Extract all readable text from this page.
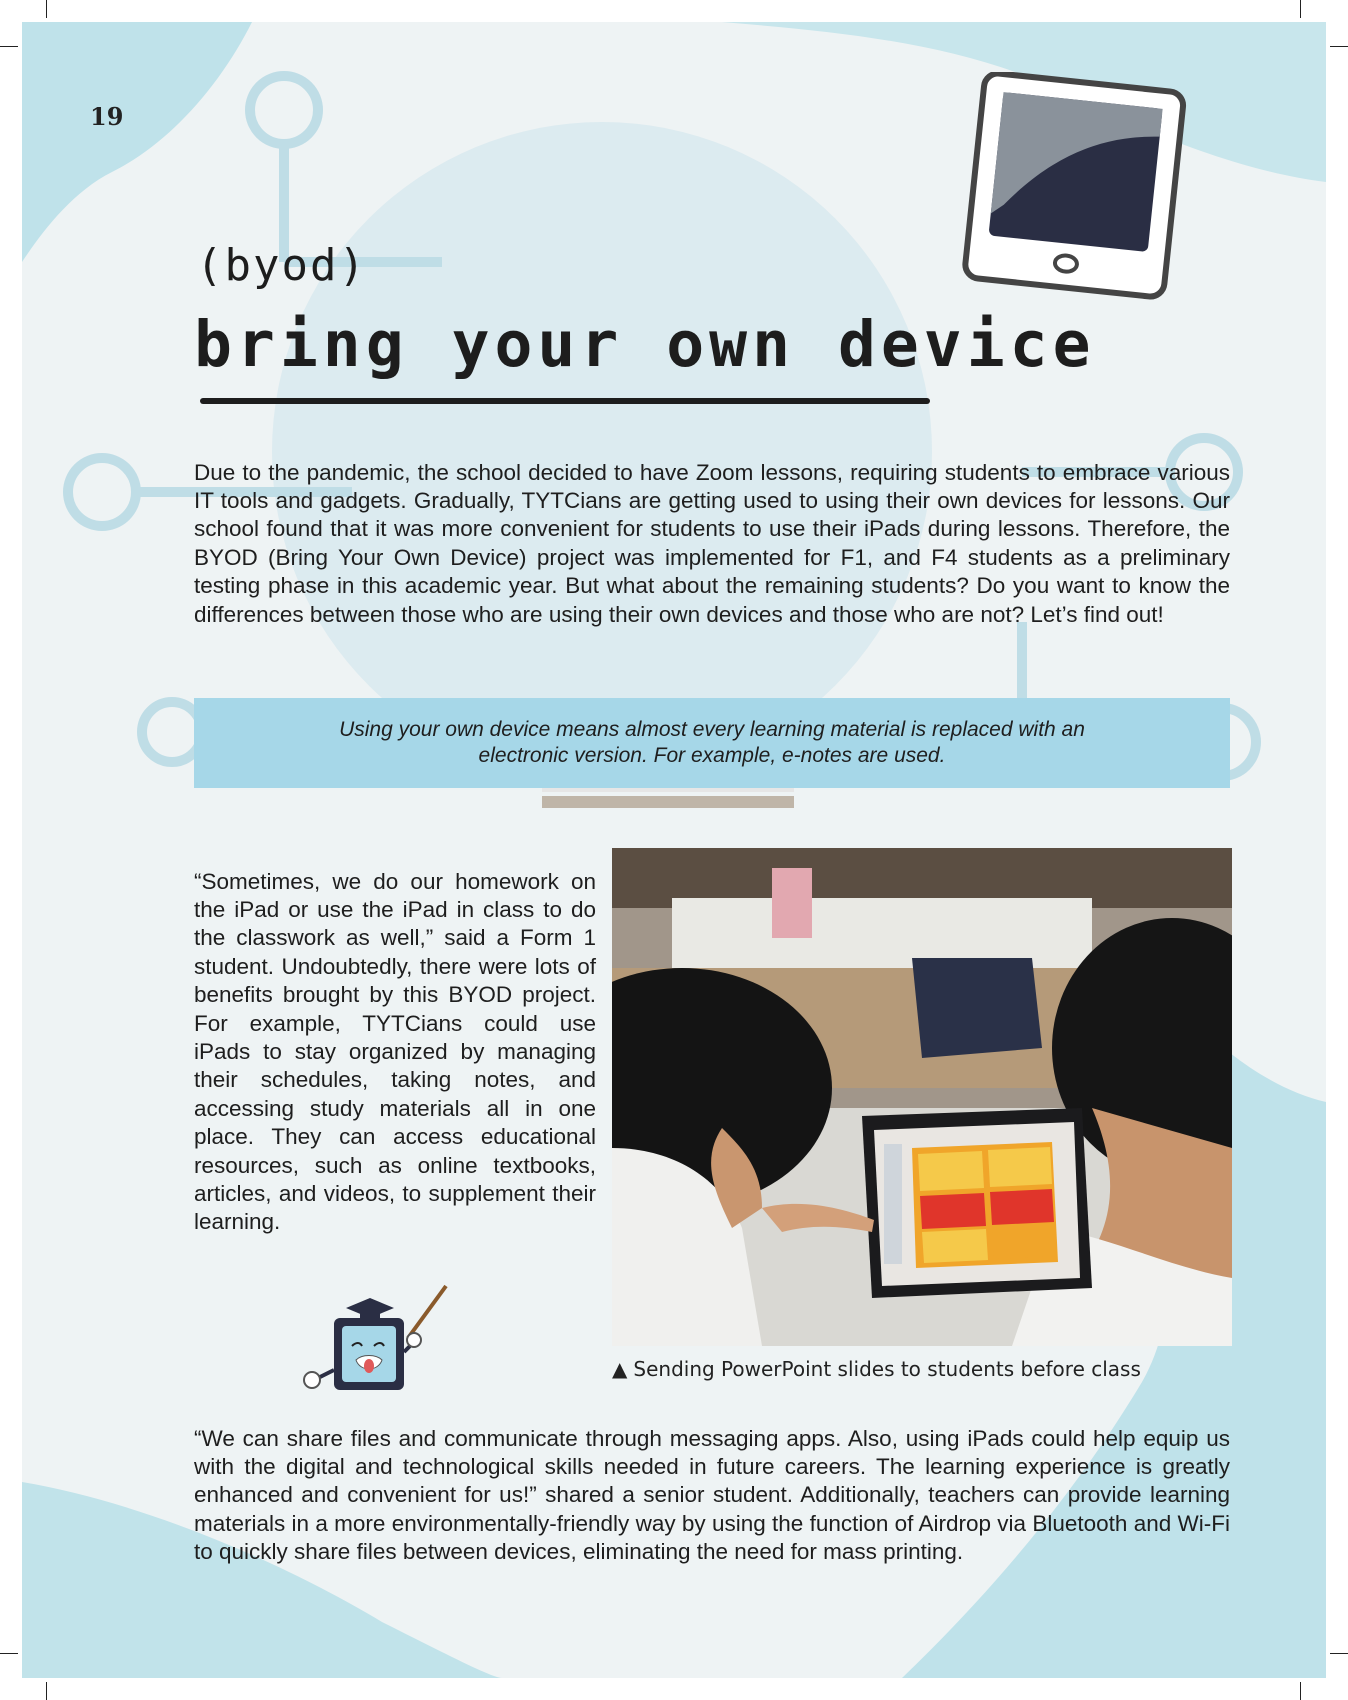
19
(byod)
bring your own device

Due to the pandemic, the school decided to have Zoom lessons, requiring students to embrace various IT tools and gadgets. Gradually, TYTCians are getting used to using their own devices for lessons. Our school found that it was more convenient for students to use their iPads during lessons. Therefore, the BYOD (Bring Your Own Device) project was implemented for F1, and F4 students as a preliminary testing phase in this academic year. But what about the remaining students? Do you want to know the differences between those who are using their own devices and those who are not? Let’s find out!

Using your own device means almost every learning material is replaced with an electronic version. For example, e-notes are used.

“Sometimes, we do our homework on the iPad or use the iPad in class to do the classwork as well,” said a Form 1 student. Undoubtedly, there were lots of benefits brought by this BYOD project. For example, TYTCians could use iPads to stay organized by managing their schedules, taking notes, and accessing study materials all in one place. They can access educational resources, such as online textbooks, articles, and videos, to supplement their learning.

▲ Sending PowerPoint slides to students before class

“We can share files and communicate through messaging apps. Also, using iPads could help equip us with the digital and technological skills needed in future careers. The learning experience is greatly enhanced and convenient for us!” shared a senior student. Additionally, teachers can provide learning materials in a more environmentally-friendly way by using the function of Airdrop via Bluetooth and Wi-Fi to quickly share files between devices, eliminating the need for mass printing.
